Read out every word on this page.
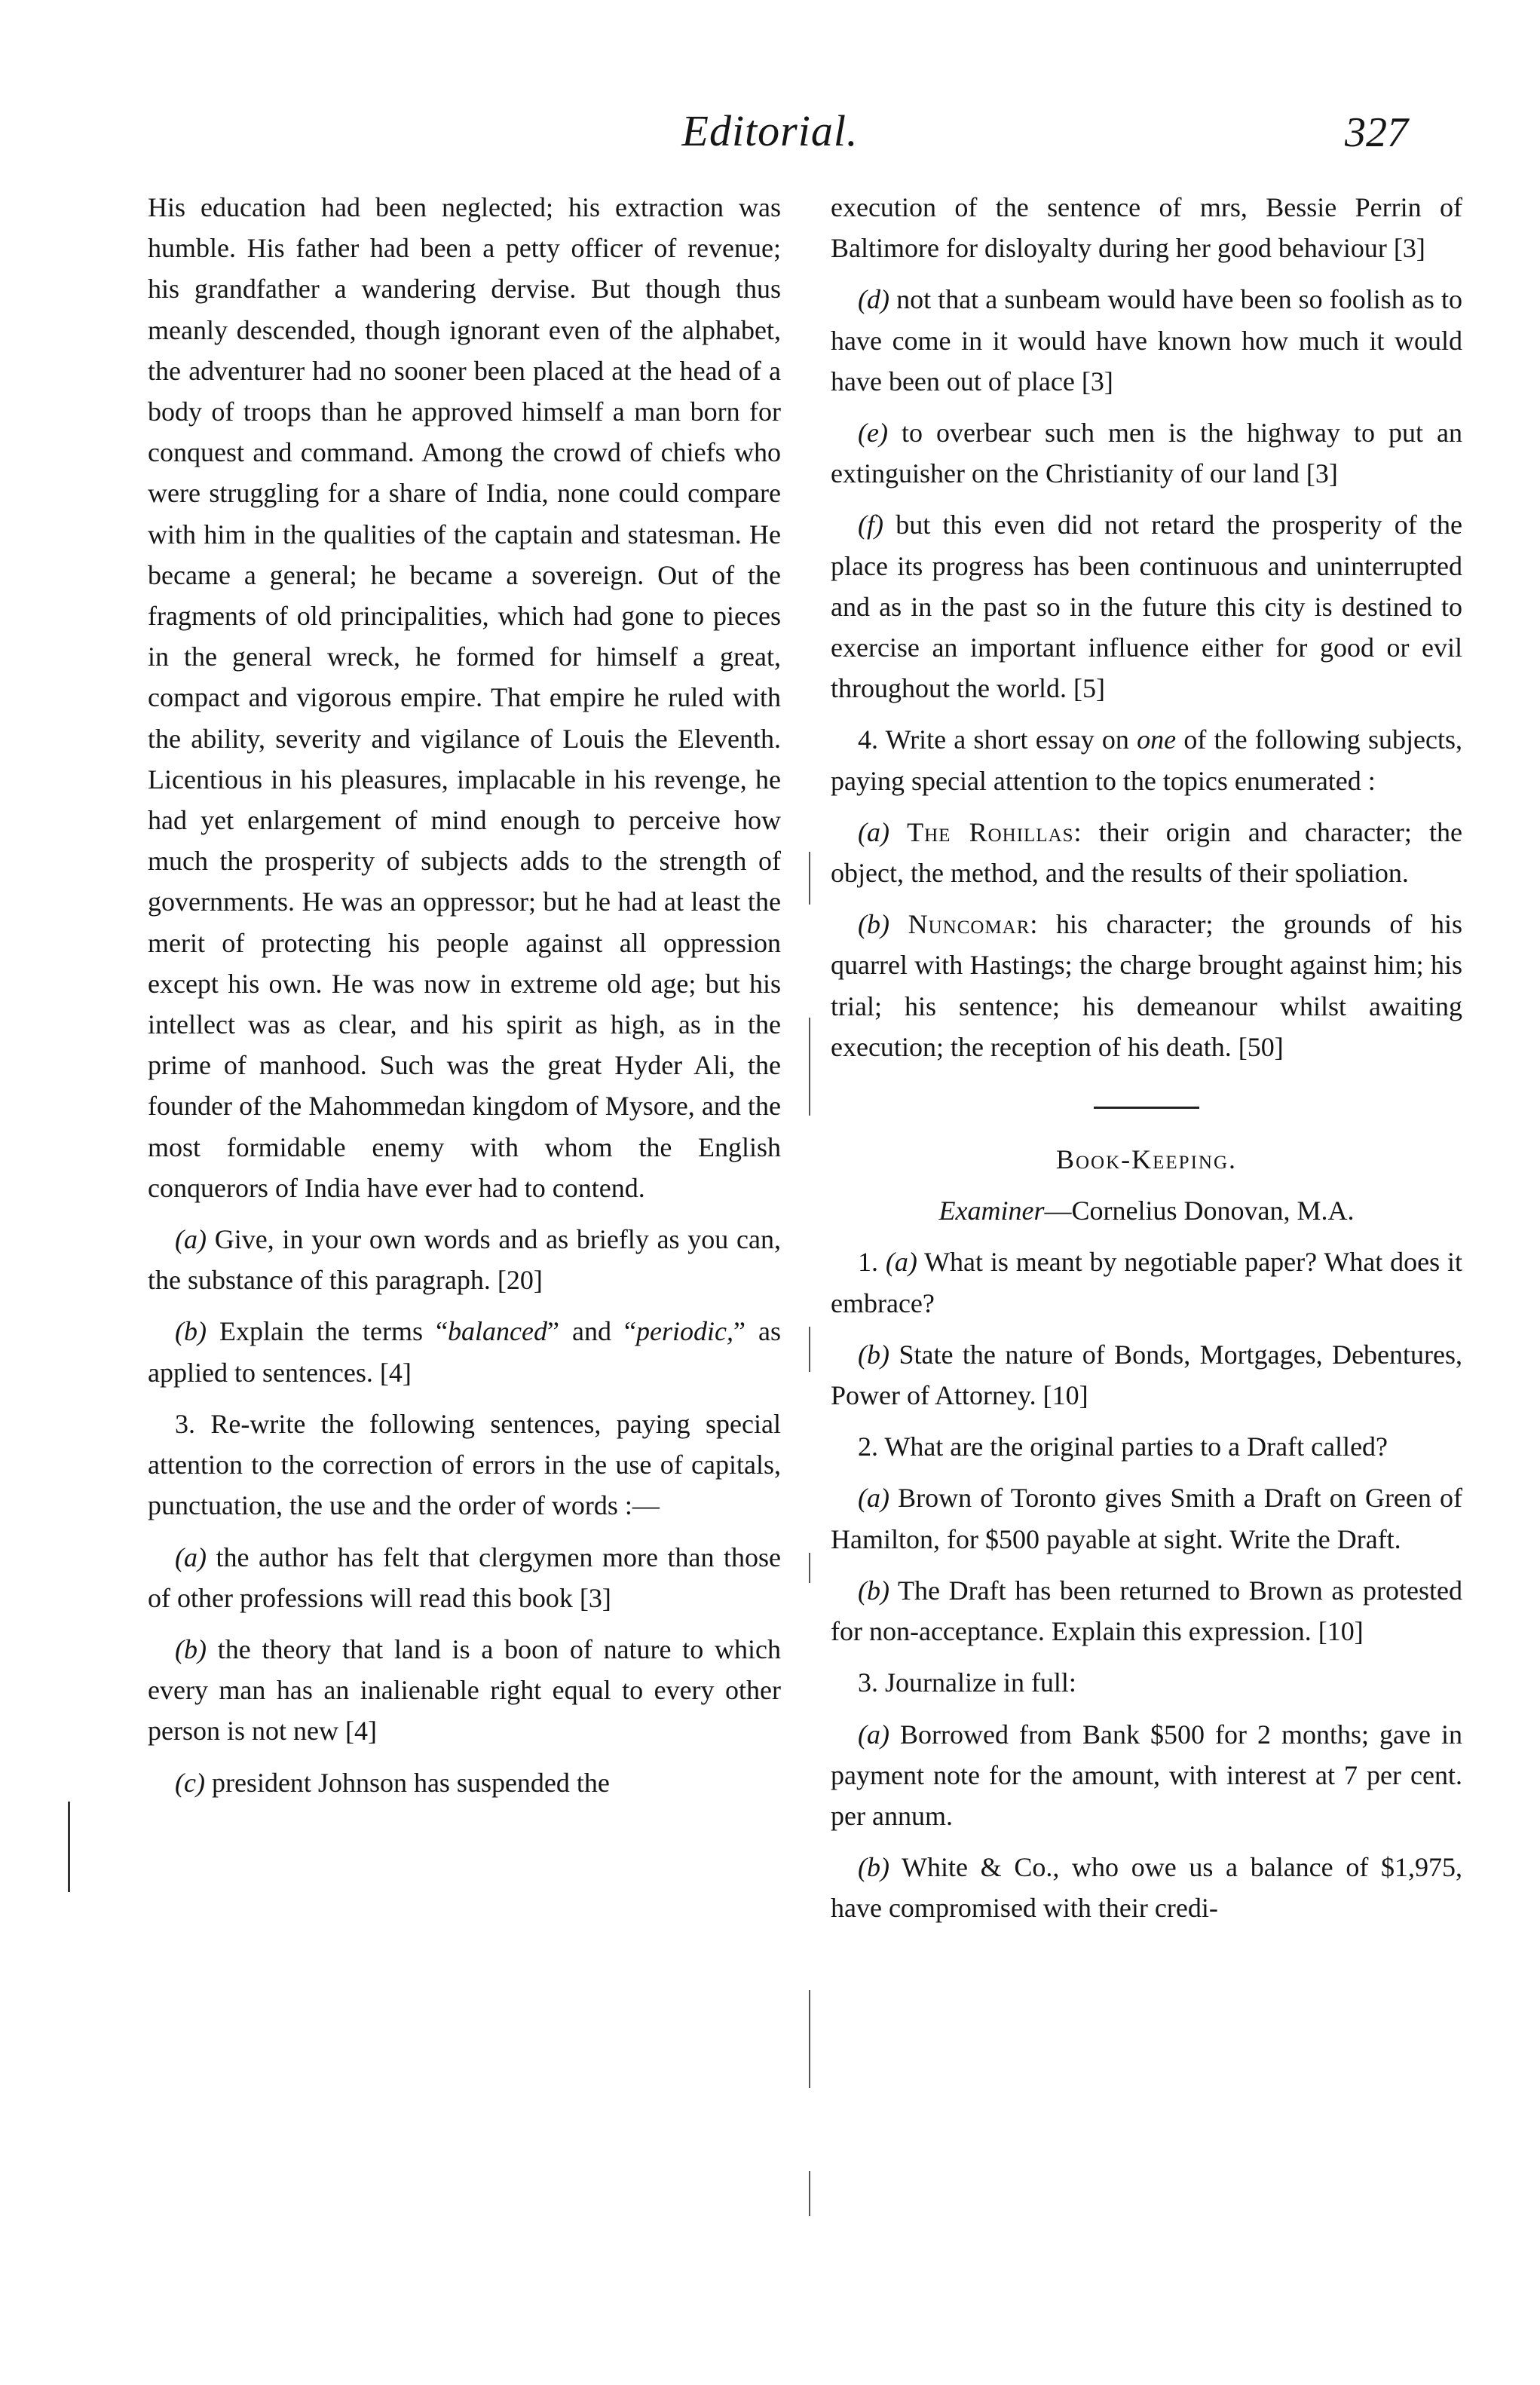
Editorial.	327

His education had been neglected; his extraction was humble. His father had been a petty officer of revenue; his grandfather a wandering dervise. But though thus meanly descended, though ignorant even of the alphabet, the adventurer had no sooner been placed at the head of a body of troops than he approved himself a man born for conquest and command. Among the crowd of chiefs who were struggling for a share of India, none could compare with him in the qualities of the captain and statesman. He became a general; he became a sovereign. Out of the fragments of old principalities, which had gone to pieces in the general wreck, he formed for himself a great, compact and vigorous empire. That empire he ruled with the ability, severity and vigilance of Louis the Eleventh. Licentious in his pleasures, implacable in his revenge, he had yet enlargement of mind enough to perceive how much the prosperity of subjects adds to the strength of governments. He was an oppressor; but he had at least the merit of protecting his people against all oppression except his own. He was now in extreme old age; but his intellect was as clear, and his spirit as high, as in the prime of manhood. Such was the great Hyder Ali, the founder of the Mahommedan kingdom of Mysore, and the most formidable enemy with whom the English conquerors of India have ever had to contend.

(a) Give, in your own words and as briefly as you can, the substance of this paragraph. [20]

(b) Explain the terms “balanced” and “periodic,” as applied to sentences. [4]

3. Re-write the following sentences, paying special attention to the correction of errors in the use of capitals, punctuation, the use and the order of words :—

(a) the author has felt that clergymen more than those of other professions will read this book [3]

(b) the theory that land is a boon of nature to which every man has an inalienable right equal to every other person is not new [4]

(c) president Johnson has suspended the

execution of the sentence of mrs, Bessie Perrin of Baltimore for disloyalty during her good behaviour [3]

(d) not that a sunbeam would have been so foolish as to have come in it would have known how much it would have been out of place [3]

(e) to overbear such men is the highway to put an extinguisher on the Christianity of our land [3]

(f) but this even did not retard the prosperity of the place its progress has been continuous and uninterrupted and as in the past so in the future this city is destined to exercise an important influence either for good or evil throughout the world. [5]

4. Write a short essay on one of the following subjects, paying special attention to the topics enumerated :

(a) The Rohillas: their origin and character; the object, the method, and the results of their spoliation.

(b) Nuncomar: his character; the grounds of his quarrel with Hastings; the charge brought against him; his trial; his sentence; his demeanour whilst awaiting execution; the reception of his death. [50]

Book-Keeping.

Examiner—Cornelius Donovan, M.A.

1. (a) What is meant by negotiable paper? What does it embrace?

(b) State the nature of Bonds, Mortgages, Debentures, Power of Attorney. [10]

2. What are the original parties to a Draft called?

(a) Brown of Toronto gives Smith a Draft on Green of Hamilton, for $500 payable at sight. Write the Draft.

(b) The Draft has been returned to Brown as protested for non-acceptance. Explain this expression. [10]

3. Journalize in full:

(a) Borrowed from Bank $500 for 2 months; gave in payment note for the amount, with interest at 7 per cent. per annum.

(b) White & Co., who owe us a balance of $1,975, have compromised with their credi-
